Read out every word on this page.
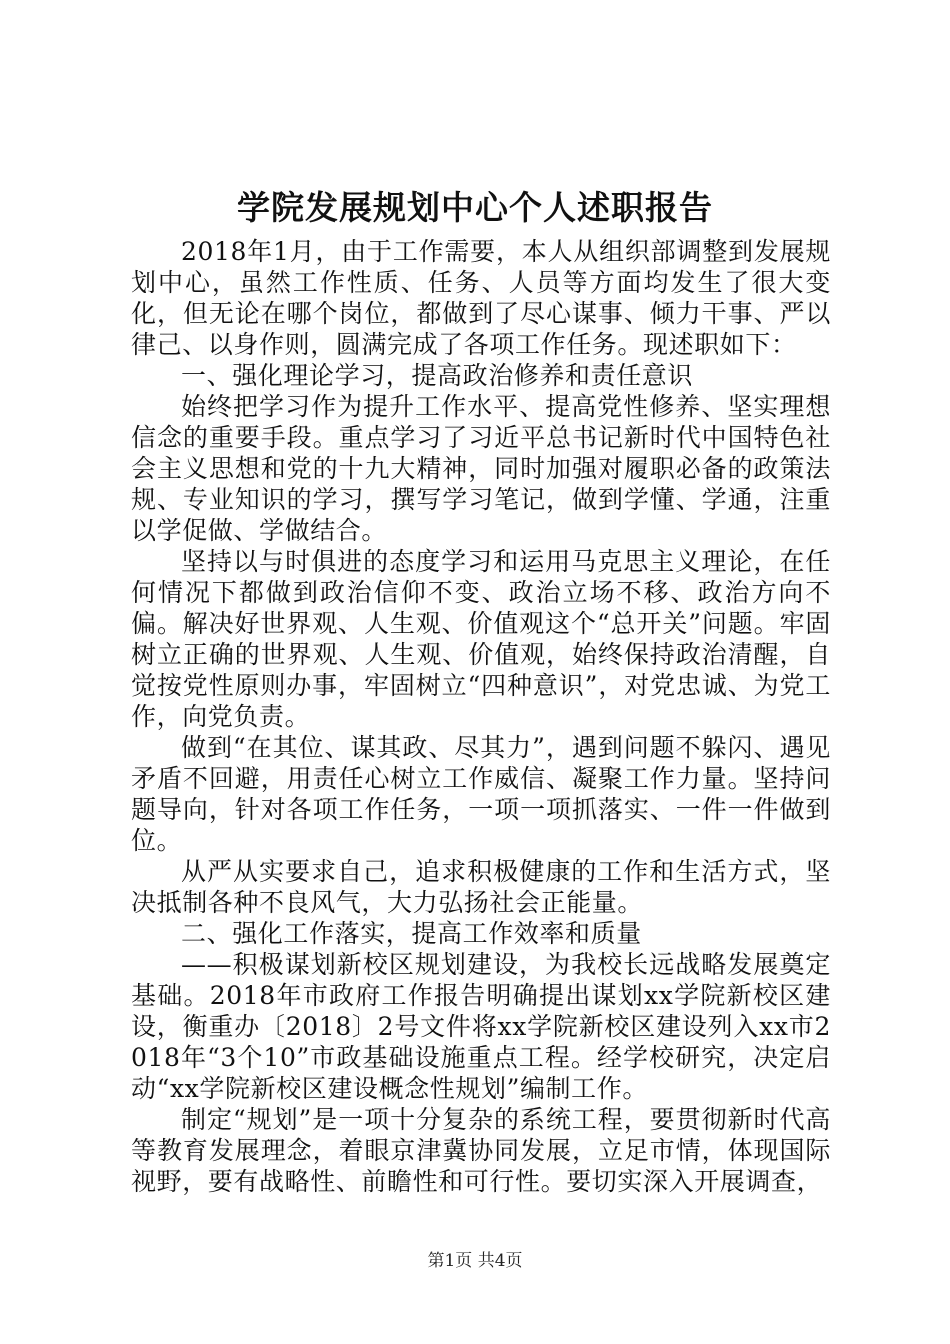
学院发展规划中心个人述职报告

2018年1月，由于工作需要，本人从组织部调整到发展规划中心，虽然工作性质、任务、人员等方面均发生了很大变化，但无论在哪个岗位，都做到了尽心谋事、倾力干事、严以律己、以身作则，圆满完成了各项工作任务。现述职如下：

一、强化理论学习，提高政治修养和责任意识

始终把学习作为提升工作水平、提高党性修养、坚实理想信念的重要手段。重点学习了习近平总书记新时代中国特色社会主义思想和党的十九大精神，同时加强对履职必备的政策法规、专业知识的学习，撰写学习笔记，做到学懂、学通，注重以学促做、学做结合。

坚持以与时俱进的态度学习和运用马克思主义理论，在任何情况下都做到政治信仰不变、政治立场不移、政治方向不偏。解决好世界观、人生观、价值观这个“总开关”问题。牢固树立正确的世界观、人生观、价值观，始终保持政治清醒，自觉按党性原则办事，牢固树立“四种意识”，对党忠诚、为党工作，向党负责。

做到“在其位、谋其政、尽其力”，遇到问题不躲闪、遇见矛盾不回避，用责任心树立工作威信、凝聚工作力量。坚持问题导向，针对各项工作任务，一项一项抓落实、一件一件做到位。

从严从实要求自己，追求积极健康的工作和生活方式，坚决抵制各种不良风气，大力弘扬社会正能量。

二、强化工作落实，提高工作效率和质量

——积极谋划新校区规划建设，为我校长远战略发展奠定基础。2018年市政府工作报告明确提出谋划xx学院新校区建设，衡重办〔2018〕2号文件将xx学院新校区建设列入xx市2018年“3个10”市政基础设施重点工程。经学校研究，决定启动“xx学院新校区建设概念性规划”编制工作。

制定“规划”是一项十分复杂的系统工程，要贯彻新时代高等教育发展理念，着眼京津冀协同发展，立足市情，体现国际视野，要有战略性、前瞻性和可行性。要切实深入开展调查，

第1页 共4页
